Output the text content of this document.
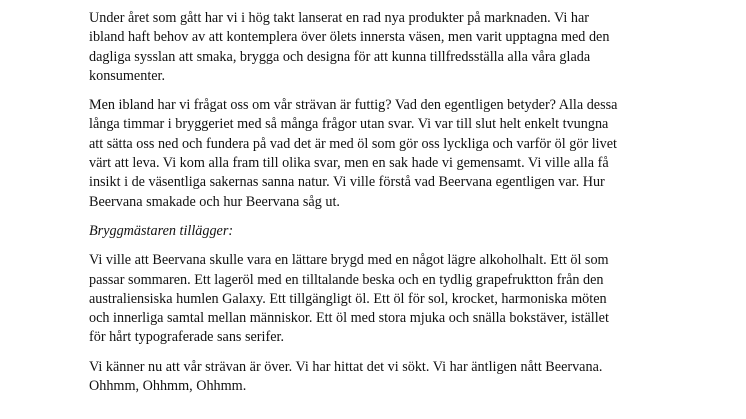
Under året som gått har vi i hög takt lanserat en rad nya produkter på marknaden. Vi har
ibland haft behov av att kontemplera över ölets innersta väsen, men varit upptagna med den
dagliga sysslan att smaka, brygga och designa för att kunna tillfredsställa alla våra glada
konsumenter.

Men ibland har vi frågat oss om vår strävan är futtig? Vad den egentligen betyder? Alla dessa
långa timmar i bryggeriet med så många frågor utan svar. Vi var till slut helt enkelt tvungna
att sätta oss ned och fundera på vad det är med öl som gör oss lyckliga och varför öl gör livet
värt att leva. Vi kom alla fram till olika svar, men en sak hade vi gemensamt. Vi ville alla få
insikt i de väsentliga sakernas sanna natur. Vi ville förstå vad Beervana egentligen var. Hur
Beervana smakade och hur Beervana såg ut.

Bryggmästaren tillägger:

Vi ville att Beervana skulle vara en lättare brygd med en något lägre alkoholhalt. Ett öl som
passar sommaren. Ett lageröl med en tilltalande beska och en tydlig grapefruktton från den
australiensiska humlen Galaxy. Ett tillgängligt öl. Ett öl för sol, krocket, harmoniska möten
och innerliga samtal mellan människor. Ett öl med stora mjuka och snälla bokstäver, istället
för hårt typograferade sans serifer.

Vi känner nu att vår strävan är över. Vi har hittat det vi sökt. Vi har äntligen nått Beervana.
Ohhmm, Ohhmm, Ohhmm.
